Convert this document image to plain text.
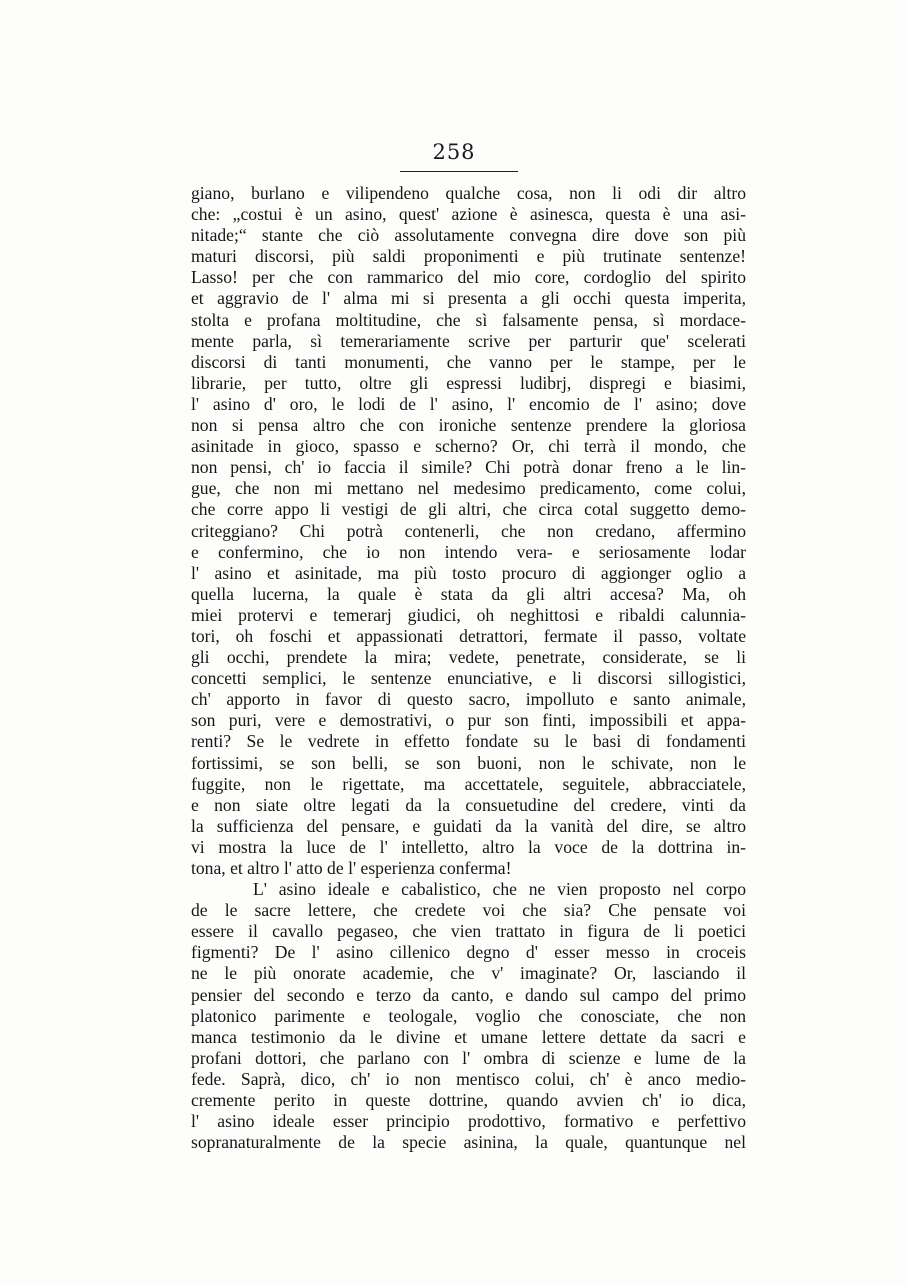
258
giano, burlano e vilipendeno qualche cosa, non li odi dir altro
che: „costui è un asino, quest' azione è asinesca, questa è una asi-
nitade;“ stante che ciò assolutamente convegna dire dove son più
maturi discorsi, più saldi proponimenti e più trutinate sentenze!
Lasso! per che con rammarico del mio core, cordoglio del spirito
et aggravio de l' alma mi si presenta a gli occhi questa imperita,
stolta e profana moltitudine, che sì falsamente pensa, sì mordace-
mente parla, sì temerariamente scrive per parturir que' scelerati
discorsi di tanti monumenti, che vanno per le stampe, per le
librarie, per tutto, oltre gli espressi ludibrj, dispregi e biasimi,
l' asino d' oro, le lodi de l' asino, l' encomio de l' asino; dove
non si pensa altro che con ironiche sentenze prendere la gloriosa
asinitade in gioco, spasso e scherno? Or, chi terrà il mondo, che
non pensi, ch' io faccia il simile? Chi potrà donar freno a le lin-
gue, che non mi mettano nel medesimo predicamento, come colui,
che corre appo li vestigi de gli altri, che circa cotal suggetto demo-
criteggiano? Chi potrà contenerli, che non credano, affermino
e confermino, che io non intendo vera- e seriosamente lodar
l' asino et asinitade, ma più tosto procuro di aggionger oglio a
quella lucerna, la quale è stata da gli altri accesa? Ma, oh
miei protervi e temerarj giudici, oh neghittosi e ribaldi calunnia-
tori, oh foschi et appassionati detrattori, fermate il passo, voltate
gli occhi, prendete la mira; vedete, penetrate, considerate, se li
concetti semplici, le sentenze enunciative, e li discorsi sillogistici,
ch' apporto in favor di questo sacro, impolluto e santo animale,
son puri, vere e demostrativi, o pur son finti, impossibili et appa-
renti? Se le vedrete in effetto fondate su le basi di fondamenti
fortissimi, se son belli, se son buoni, non le schivate, non le
fuggite, non le rigettate, ma accettatele, seguitele, abbracciatele,
e non siate oltre legati da la consuetudine del credere, vinti da
la sufficienza del pensare, e guidati da la vanità del dire, se altro
vi mostra la luce de l' intelletto, altro la voce de la dottrina in-
tona, et altro l' atto de l' esperienza conferma!
L' asino ideale e cabalistico, che ne vien proposto nel corpo
de le sacre lettere, che credete voi che sia? Che pensate voi
essere il cavallo pegaseo, che vien trattato in figura de li poetici
figmenti? De l' asino cillenico degno d' esser messo in croceis
ne le più onorate academie, che v' imaginate? Or, lasciando il
pensier del secondo e terzo da canto, e dando sul campo del primo
platonico parimente e teologale, voglio che conosciate, che non
manca testimonio da le divine et umane lettere dettate da sacri e
profani dottori, che parlano con l' ombra di scienze e lume de la
fede. Saprà, dico, ch' io non mentisco colui, ch' è anco medio-
cremente perito in queste dottrine, quando avvien ch' io dica,
l' asino ideale esser principio prodottivo, formativo e perfettivo
sopranaturalmente de la specie asinina, la quale, quantunque nel
